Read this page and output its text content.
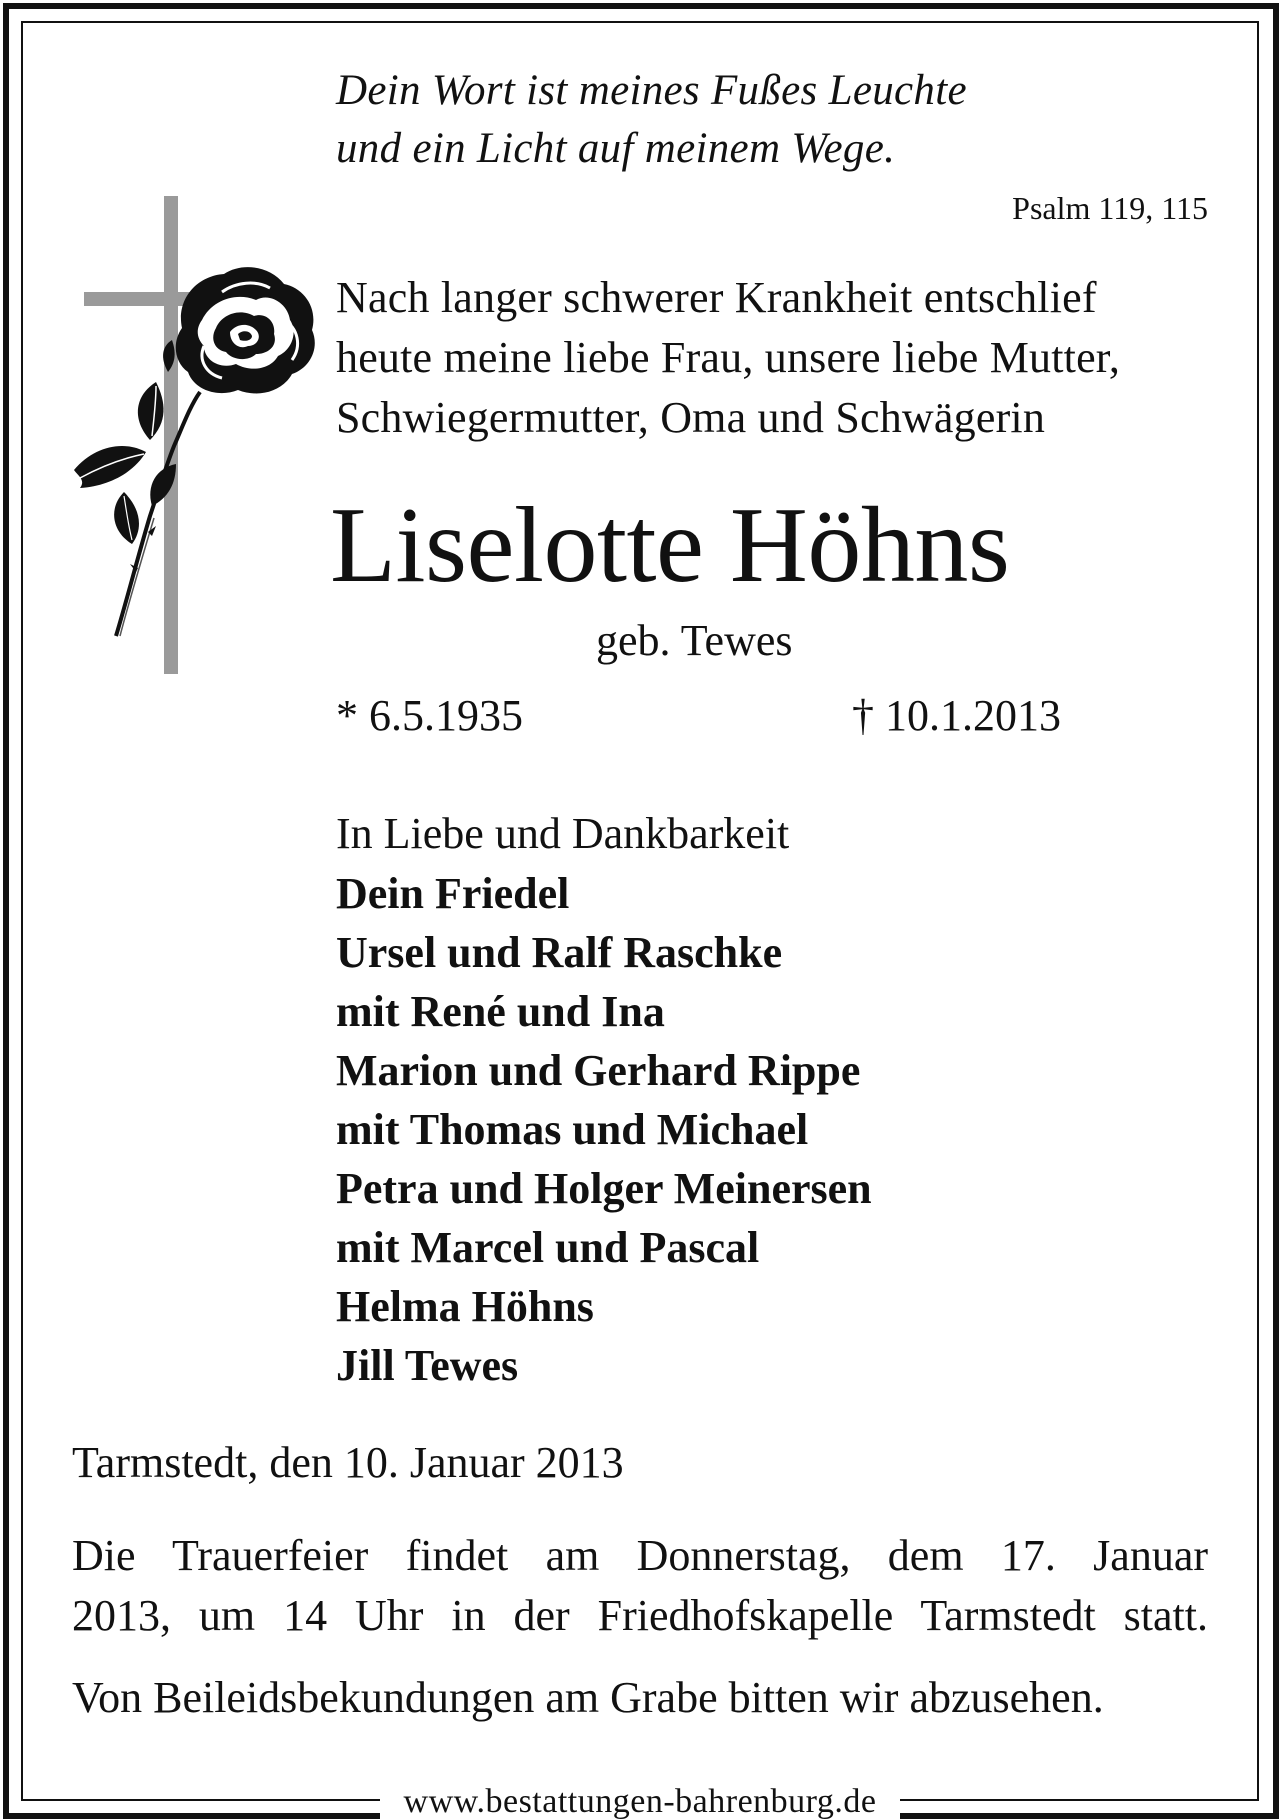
Dein Wort ist meines Fußes Leuchte
und ein Licht auf meinem Wege.
Psalm 119, 115
Nach langer schwerer Krankheit entschlief
heute meine liebe Frau, unsere liebe Mutter,
Schwiegermutter, Oma und Schwägerin
Liselotte Höhns
geb. Tewes
* 6.5.1935	† 10.1.2013
In Liebe und Dankbarkeit
Dein Friedel
Ursel und Ralf Raschke
mit René und Ina
Marion und Gerhard Rippe
mit Thomas und Michael
Petra und Holger Meinersen
mit Marcel und Pascal
Helma Höhns
Jill Tewes
Tarmstedt, den 10. Januar 2013
Die Trauerfeier findet am Donnerstag, dem 17. Januar
2013, um 14 Uhr in der Friedhofskapelle Tarmstedt statt.
Von Beileidsbekundungen am Grabe bitten wir abzusehen.
www.bestattungen-bahrenburg.de
